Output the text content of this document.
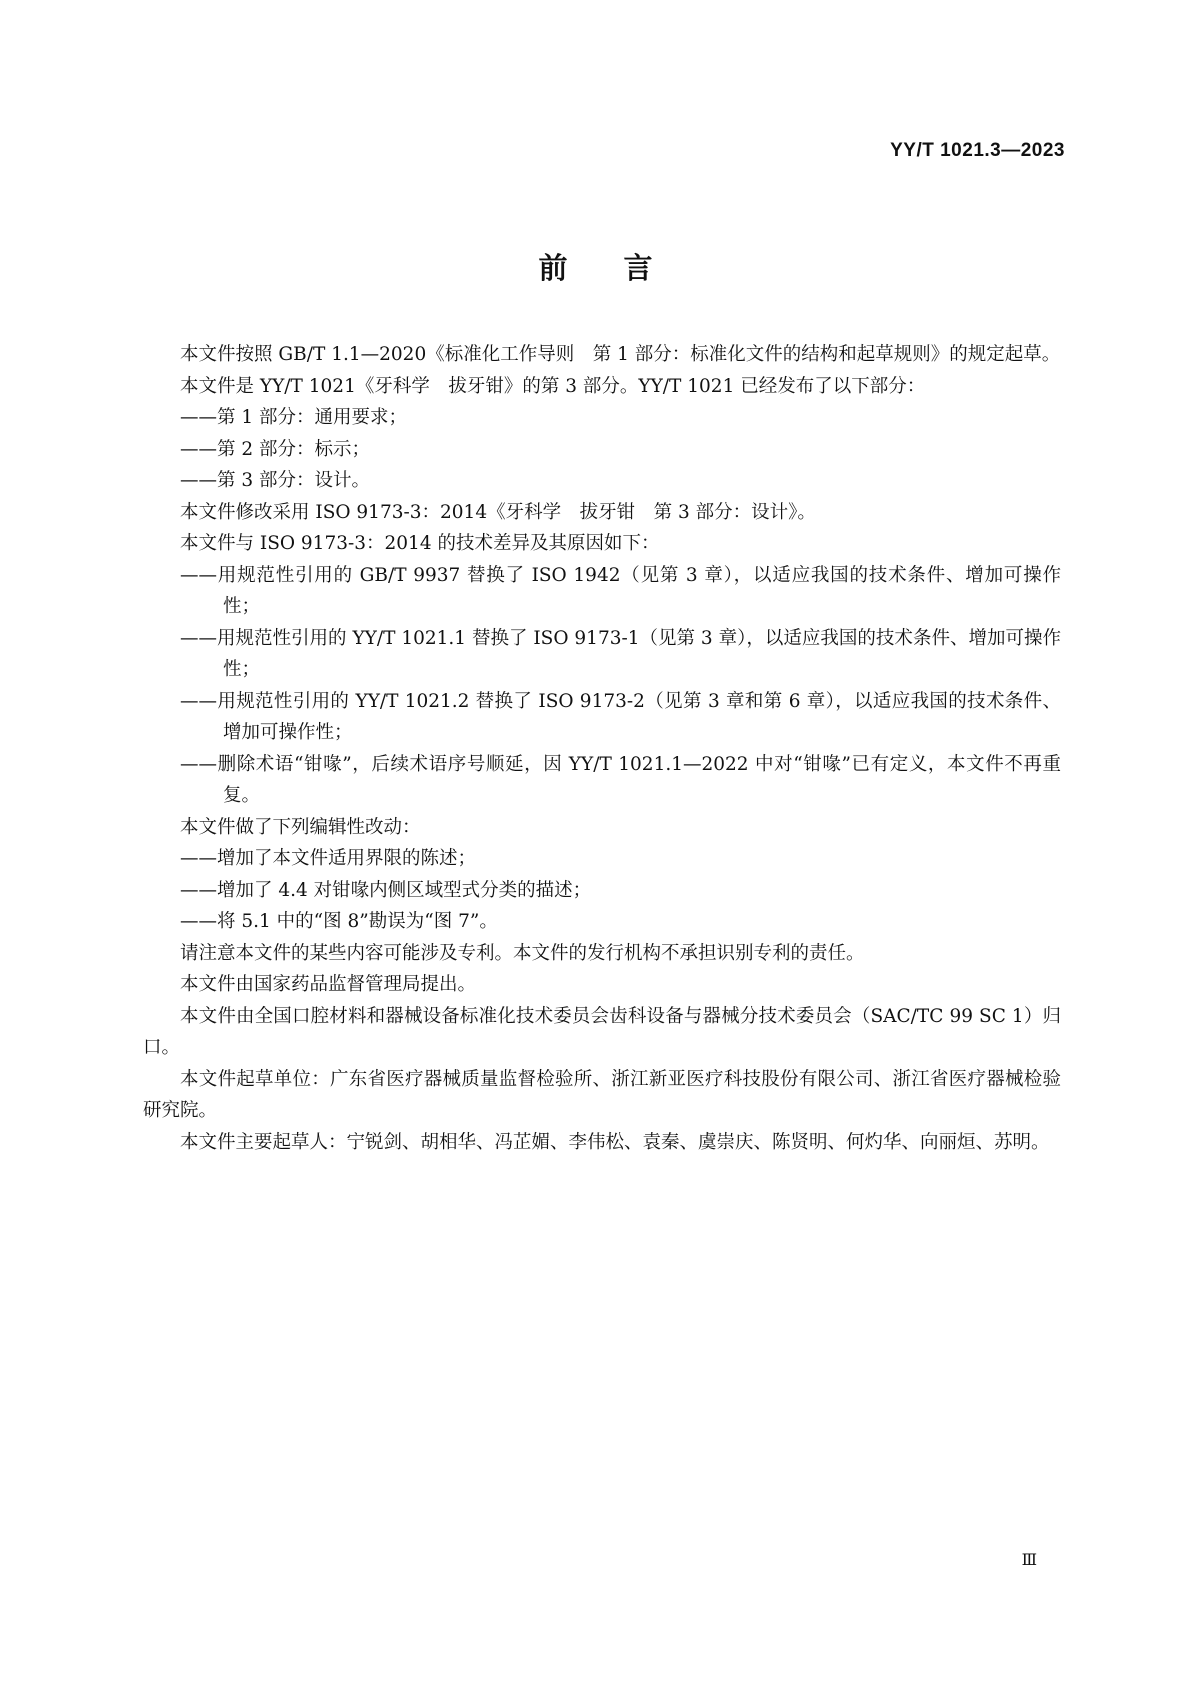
YY/T 1021.3—2023
前言

本文件按照 GB/T 1.1—2020《标准化工作导则　第 1 部分：标准化文件的结构和起草规则》的规定起草。

本文件是 YY/T 1021《牙科学　拔牙钳》的第 3 部分。YY/T 1021 已经发布了以下部分：

——第 1 部分：通用要求；

——第 2 部分：标示；

——第 3 部分：设计。

本文件修改采用 ISO 9173-3：2014《牙科学　拔牙钳　第 3 部分：设计》。

本文件与 ISO 9173-3：2014 的技术差异及其原因如下：

——用规范性引用的 GB/T 9937 替换了 ISO 1942（见第 3 章），以适应我国的技术条件、增加可操作性；

——用规范性引用的 YY/T 1021.1 替换了 ISO 9173-1（见第 3 章），以适应我国的技术条件、增加可操作性；

——用规范性引用的 YY/T 1021.2 替换了 ISO 9173-2（见第 3 章和第 6 章），以适应我国的技术条件、增加可操作性；

——删除术语“钳喙”，后续术语序号顺延，因 YY/T 1021.1—2022 中对“钳喙”已有定义，本文件不再重复。

本文件做了下列编辑性改动：

——增加了本文件适用界限的陈述；

——增加了 4.4 对钳喙内侧区域型式分类的描述；

——将 5.1 中的“图 8”勘误为“图 7”。

请注意本文件的某些内容可能涉及专利。本文件的发行机构不承担识别专利的责任。

本文件由国家药品监督管理局提出。

本文件由全国口腔材料和器械设备标准化技术委员会齿科设备与器械分技术委员会（SAC/TC 99 SC 1）归口。

本文件起草单位：广东省医疗器械质量监督检验所、浙江新亚医疗科技股份有限公司、浙江省医疗器械检验研究院。

本文件主要起草人：宁锐剑、胡相华、冯芷媚、李伟松、袁秦、虞崇庆、陈贤明、何灼华、向丽烜、苏明。

Ⅲ
